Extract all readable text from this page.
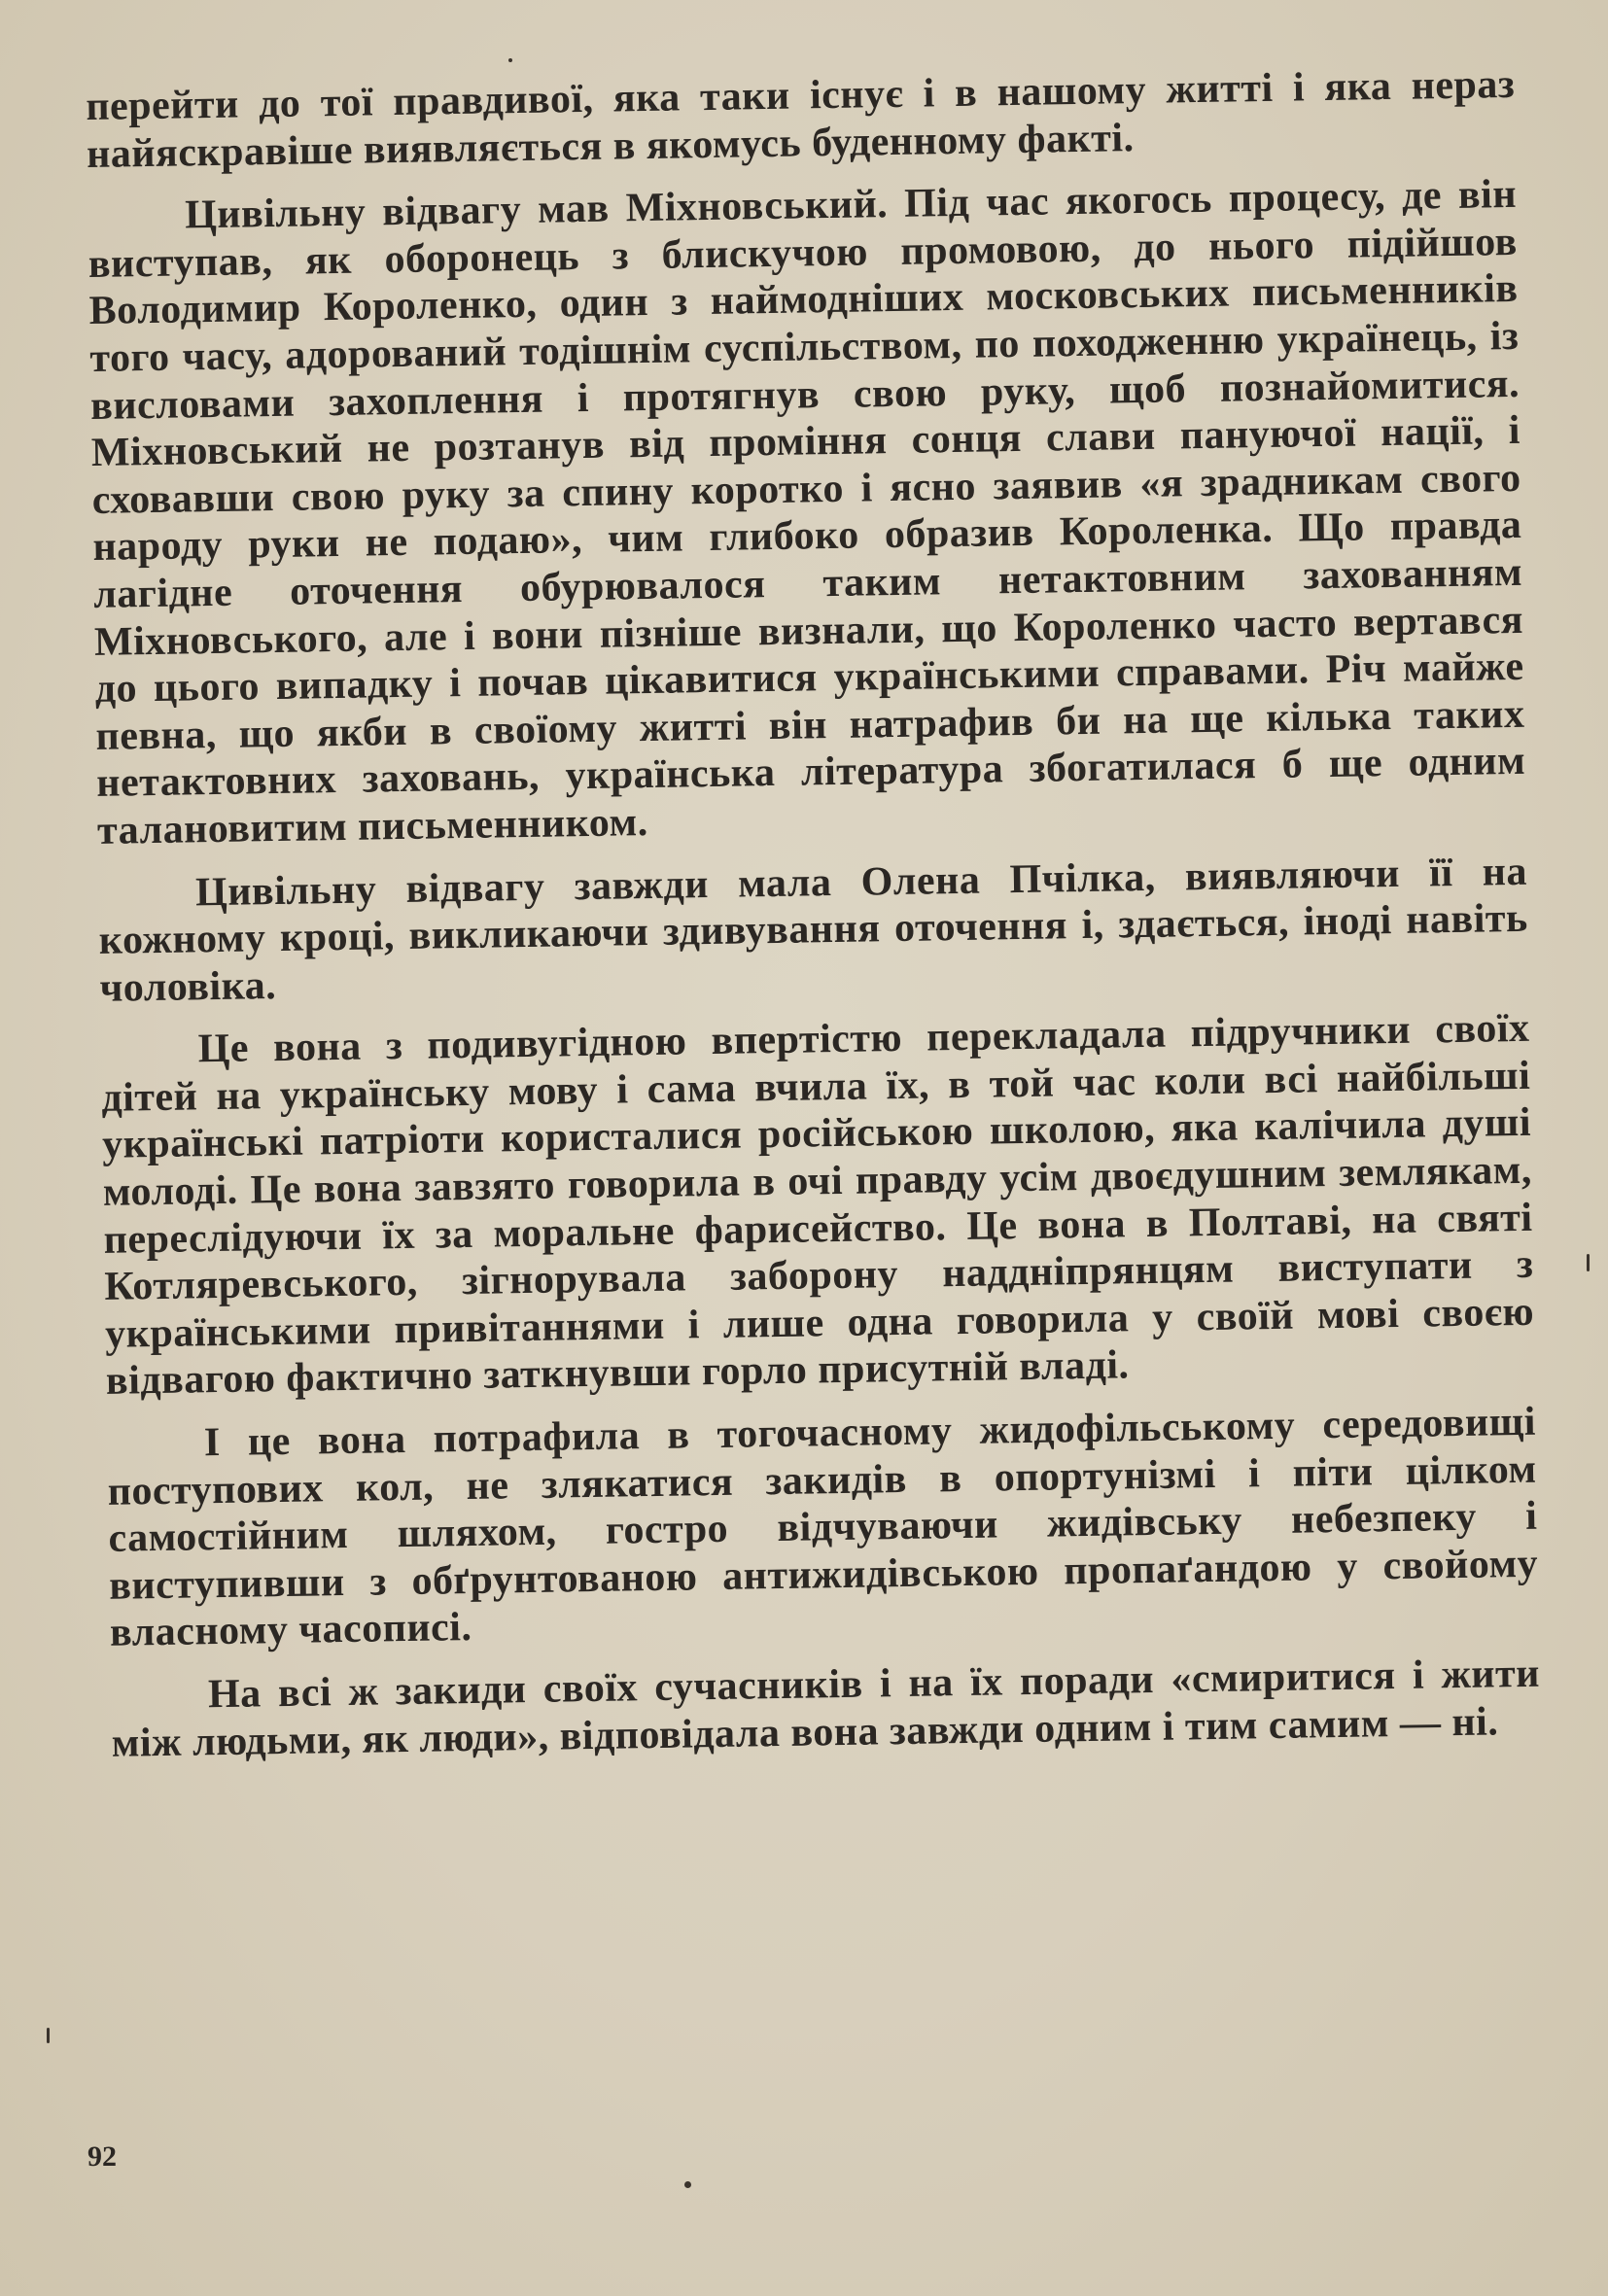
перейти до тої правдивої, яка таки існує і в нашому житті і яка нераз найяскравіше виявляється в якомусь буденному факті.

Цивільну відвагу мав Міхновський. Під час якогось процесу, де він виступав, як оборонець з блискучою промовою, до нього підійшов Володимир Короленко, один з наймодніших московських письменників того часу, адорований тодішнім суспільством, по походженню українець, із висловами захоплення і протягнув свою руку, щоб познайомитися. Міхновський не розтанув від проміння сонця слави пануючої нації, і сховавши свою руку за спину коротко і ясно заявив «я зрадникам свого народу руки не подаю», чим глибоко образив Короленка. Що правда лагідне оточення обурювалося таким нетактовним захованням Міхновського, але і вони пізніше визнали, що Короленко часто вертався до цього випадку і почав цікавитися українськими справами. Річ майже певна, що якби в своїому житті він натрафив би на ще кілька таких нетактовних заховань, українська література збогатилася б ще одним талановитим письменником.

Цивільну відвагу завжди мала Олена Пчілка, виявляючи її на кожному кроці, викликаючи здивування оточення і, здається, іноді навіть чоловіка.

Це вона з подивугідною впертістю перекладала підручники своїх дітей на українську мову і сама вчила їх, в той час коли всі найбільші українські патріоти користалися російською школою, яка калічила душі молоді. Це вона завзято говорила в очі правду усім двоєдушним землякам, переслідуючи їх за моральне фарисейство. Це вона в Полтаві, на святі Котляревського, зігнорувала заборону наддніпрянцям виступати з українськими привітаннями і лише одна говорила у своїй мові своєю відвагою фактично заткнувши горло присутній владі.

І це вона потрафила в тогочасному жидофільському середовищі поступових кол, не злякатися закидів в опортунізмі і піти цілком самостійним шляхом, гостро відчуваючи жидівську небезпеку і виступивши з обґрунтованою антижидівською пропаґандою у свойому власному часописі.

На всі ж закиди своїх сучасників і на їх поради «смиритися і жити між людьми, як люди», відповідала вона завжди одним і тим самим — ні.

92
